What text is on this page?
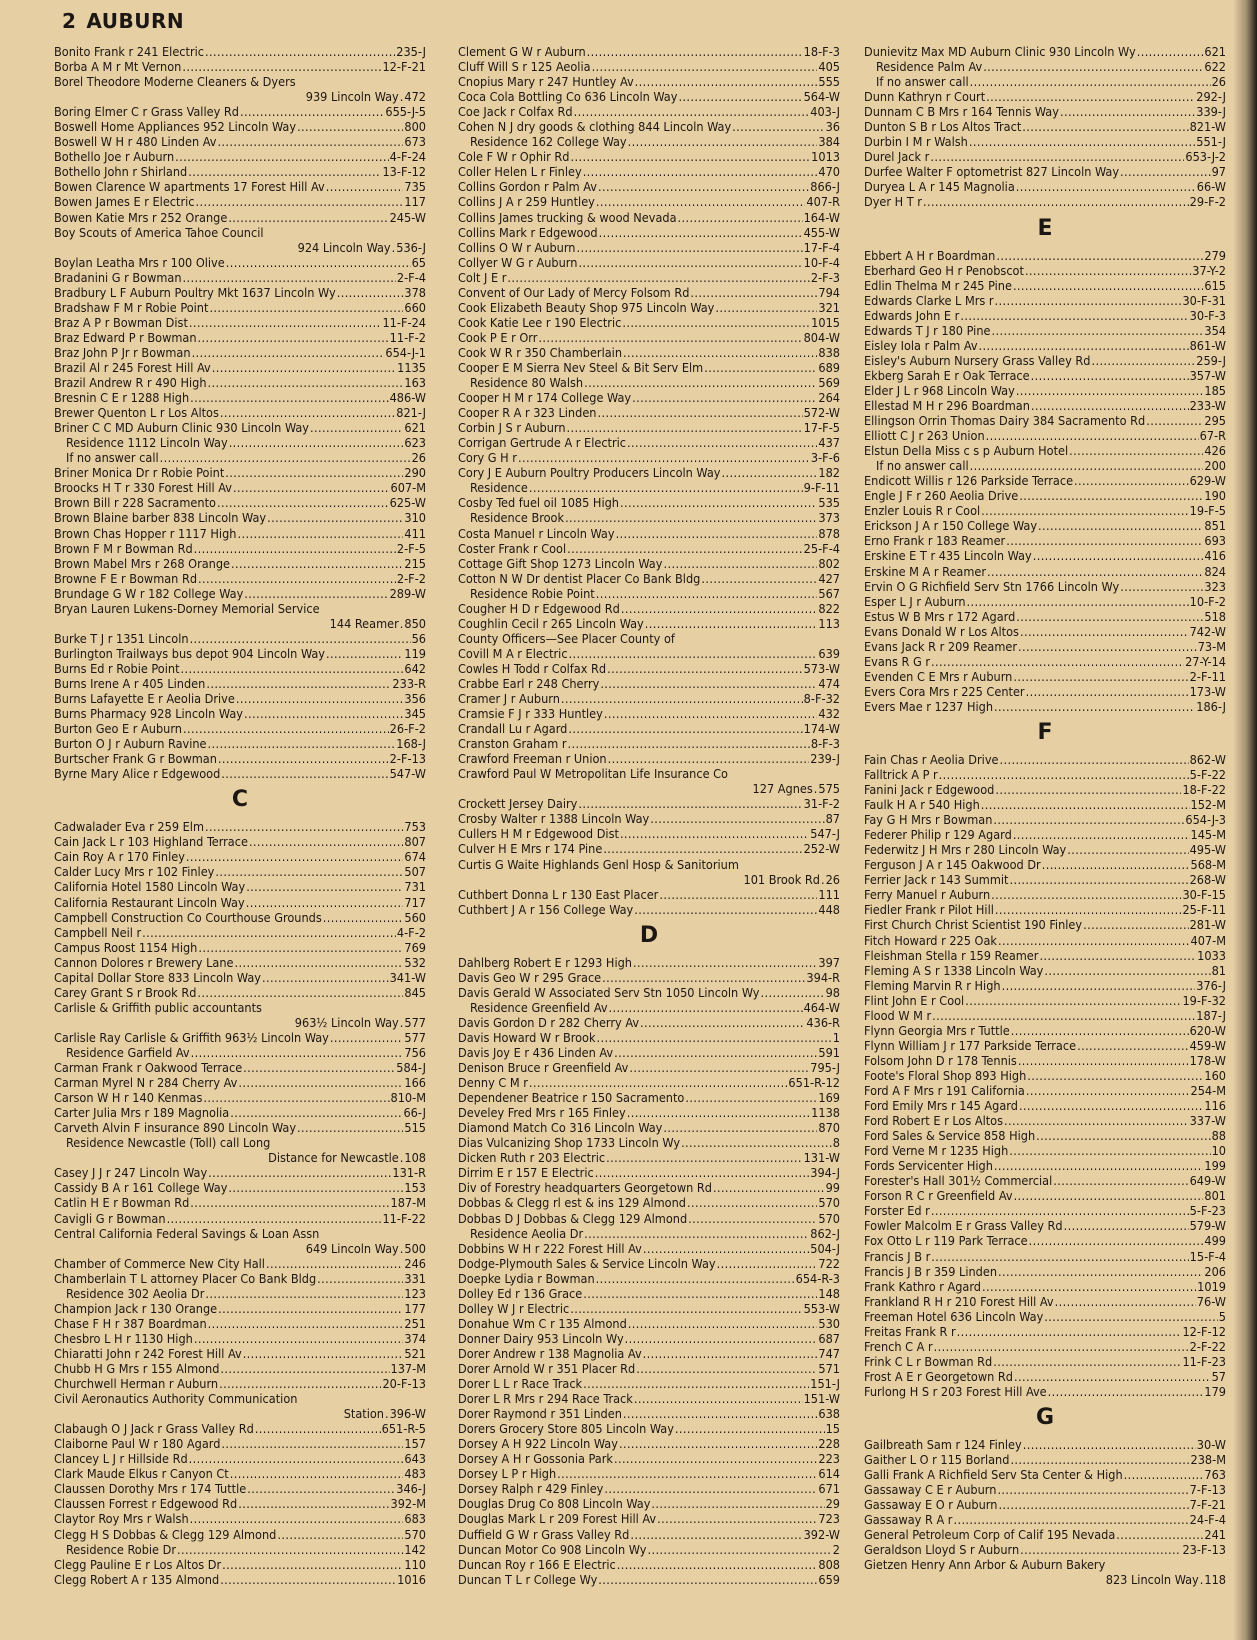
2 AUBURN
Bonito Frank r 241 Electric . . .	235-J
Borba A M r Mt Vernon . . .	12-F-21
Borel Theodore Moderne Cleaners & Dyers
939 Lincoln Way . 472
Boring Elmer C r Grass Valley Rd . . .	655-J-5
Boswell Home Appliances 952 Lincoln Way . . .	800
Boswell W H r 480 Linden Av . . .	673
Bothello Joe r Auburn . . .	4-F-24
Bothello John r Shirland . . .	13-F-12
Bowen Clarence W apartments 17 Forest Hill Av . . .	735
Bowen James E r Electric . . .	117
Bowen Katie Mrs r 252 Orange . . .	245-W
Boy Scouts of America Tahoe Council
924 Lincoln Way . 536-J
Boylan Leatha Mrs r 100 Olive . . .	65
Bradanini G r Bowman . . .	2-F-4
Bradbury L F Auburn Poultry Mkt 1637 Lincoln Wy . . .	378
Bradshaw F M r Robie Point . . .	660
Braz A P r Bowman Dist . . .	11-F-24
Braz Edward P r Bowman . . .	11-F-2
Braz John P Jr r Bowman . . .	654-J-1
Brazil Al r 245 Forest Hill Av . . .	1135
Brazil Andrew R r 490 High . . .	163
Bresnin C E r 1288 High . . .	486-W
Brewer Quenton L r Los Altos . . .	821-J
Briner C C MD Auburn Clinic 930 Lincoln Way . . .	621
Residence 1112 Lincoln Way . . .	623
If no answer call . . .	26
Briner Monica Dr r Robie Point . . .	290
Broocks H T r 330 Forest Hill Av . . .	607-M
Brown Bill r 228 Sacramento . . .	625-W
Brown Blaine barber 838 Lincoln Way . . .	310
Brown Chas Hopper r 1117 High . . .	411
Brown F M r Bowman Rd . . .	2-F-5
Brown Mabel Mrs r 268 Orange . . .	215
Browne F E r Bowman Rd . . .	2-F-2
Brundage G W r 182 College Way . . .	289-W
Bryan Lauren Lukens-Dorney Memorial Service
144 Reamer . 850
Burke T J r 1351 Lincoln . . .	56
Burlington Trailways bus depot 904 Lincoln Way . . .	119
Burns Ed r Robie Point . . .	642
Burns Irene A r 405 Linden . . .	233-R
Burns Lafayette E r Aeolia Drive . . .	356
Burns Pharmacy 928 Lincoln Way . . .	345
Burton Geo E r Auburn . . .	26-F-2
Burton O J r Auburn Ravine . . .	168-J
Burtscher Frank G r Bowman . . .	2-F-13
Byrne Mary Alice r Edgewood . . .	547-W
C
Cadwalader Eva r 259 Elm . . .	753
Cain Jack L r 103 Highland Terrace . . .	807
Cain Roy A r 170 Finley . . .	674
Calder Lucy Mrs r 102 Finley . . .	507
California Hotel 1580 Lincoln Way . . .	731
California Restaurant Lincoln Way . . .	717
Campbell Construction Co Courthouse Grounds . . .	560
Campbell Neil r . . .	4-F-2
Campus Roost 1154 High . . .	769
Cannon Dolores r Brewery Lane . . .	532
Capital Dollar Store 833 Lincoln Way . . .	341-W
Carey Grant S r Brook Rd . . .	845
Carlisle & Griffith public accountants
963½ Lincoln Way . 577
Carlisle Ray Carlisle & Griffith 963½ Lincoln Way . . .	577
Residence Garfield Av . . .	756
Carman Frank r Oakwood Terrace . . .	584-J
Carman Myrel N r 284 Cherry Av . . .	166
Carson W H r 140 Kenmas . . .	810-M
Carter Julia Mrs r 189 Magnolia . . .	66-J
Carveth Alvin F insurance 890 Lincoln Way . . .	515
Residence Newcastle (Toll) call Long
Distance for Newcastle . 108
Casey J J r 247 Lincoln Way . . .	131-R
Cassidy B A r 161 College Way . . .	153
Catlin H E r Bowman Rd . . .	187-M
Cavigli G r Bowman . . .	11-F-22
Central California Federal Savings & Loan Assn
649 Lincoln Way . 500
Chamber of Commerce New City Hall . . .	246
Chamberlain T L attorney Placer Co Bank Bldg . . .	331
Residence 302 Aeolia Dr . . .	123
Champion Jack r 130 Orange . . .	177
Chase F H r 387 Boardman . . .	251
Chesbro L H r 1130 High . . .	374
Chiaratti John r 242 Forest Hill Av . . .	521
Chubb H G Mrs r 155 Almond . . .	137-M
Churchwell Herman r Auburn . . .	20-F-13
Civil Aeronautics Authority Communication
Station . 396-W
Clabaugh O J Jack r Grass Valley Rd . . .	651-R-5
Claiborne Paul W r 180 Agard . . .	157
Clancey L J r Hillside Rd . . .	643
Clark Maude Elkus r Canyon Ct . . .	483
Claussen Dorothy Mrs r 174 Tuttle . . .	346-J
Claussen Forrest r Edgewood Rd . . .	392-M
Claytor Roy Mrs r Walsh . . .	683
Clegg H S Dobbas & Clegg 129 Almond . . .	570
Residence Robie Dr . . .	142
Clegg Pauline E r Los Altos Dr . . .	110
Clegg Robert A r 135 Almond . . .	1016
Clement G W r Auburn . . .	18-F-3
Cluff Will S r 125 Aeolia . . .	405
Cnopius Mary r 247 Huntley Av . . .	555
Coca Cola Bottling Co 636 Lincoln Way . . .	564-W
Coe Jack r Colfax Rd . . .	403-J
Cohen N J dry goods & clothing 844 Lincoln Way . . .	36
Residence 162 College Way . . .	384
Cole F W r Ophir Rd . . .	1013
Coller Helen L r Finley . . .	470
Collins Gordon r Palm Av . . .	866-J
Collins J A r 259 Huntley . . .	407-R
Collins James trucking & wood Nevada . . .	164-W
Collins Mark r Edgewood . . .	455-W
Collins O W r Auburn . . .	17-F-4
Collyer W G r Auburn . . .	10-F-4
Colt J E r . . .	2-F-3
Convent of Our Lady of Mercy Folsom Rd . . .	794
Cook Elizabeth Beauty Shop 975 Lincoln Way . . .	321
Cook Katie Lee r 190 Electric . . .	1015
Cook P E r Orr . . .	804-W
Cook W R r 350 Chamberlain . . .	838
Cooper E M Sierra Nev Steel & Bit Serv Elm . . .	689
Residence 80 Walsh . . .	569
Cooper H M r 174 College Way . . .	264
Cooper R A r 323 Linden . . .	572-W
Corbin J S r Auburn . . .	17-F-5
Corrigan Gertrude A r Electric . . .	437
Cory G H r . . .	3-F-6
Cory J E Auburn Poultry Producers Lincoln Way . . .	182
Residence . . .	9-F-11
Cosby Ted fuel oil 1085 High . . .	535
Residence Brook . . .	373
Costa Manuel r Lincoln Way . . .	878
Coster Frank r Cool . . .	25-F-4
Cottage Gift Shop 1273 Lincoln Way . . .	802
Cotton N W Dr dentist Placer Co Bank Bldg . . .	427
Residence Robie Point . . .	567
Cougher H D r Edgewood Rd . . .	822
Coughlin Cecil r 265 Lincoln Way . . .	113
County Officers—See Placer County of
Covill M A r Electric . . .	639
Cowles H Todd r Colfax Rd . . .	573-W
Crabbe Earl r 248 Cherry . . .	474
Cramer J r Auburn . . .	8-F-32
Cramsie F J r 333 Huntley . . .	432
Crandall Lu r Agard . . .	174-W
Cranston Graham r . . .	8-F-3
Crawford Freeman r Union . . .	239-J
Crawford Paul W Metropolitan Life Insurance Co
127 Agnes . 575
Crockett Jersey Dairy . . .	31-F-2
Crosby Walter r 1388 Lincoln Way . . .	87
Cullers H M r Edgewood Dist . . .	547-J
Culver H E Mrs r 174 Pine . . .	252-W
Curtis G Waite Highlands Genl Hosp & Sanitorium
101 Brook Rd . 26
Cuthbert Donna L r 130 East Placer . . .	111
Cuthbert J A r 156 College Way . . .	448
D
Dahlberg Robert E r 1293 High . . .	397
Davis Geo W r 295 Grace . . .	394-R
Davis Gerald W Associated Serv Stn 1050 Lincoln Wy . . .	98
Residence Greenfield Av . . .	464-W
Davis Gordon D r 282 Cherry Av . . .	436-R
Davis Howard W r Brook . . .	1
Davis Joy E r 436 Linden Av . . .	591
Denison Bruce r Greenfield Av . . .	795-J
Denny C M r . . .	651-R-12
Dependener Beatrice r 150 Sacramento . . .	169
Develey Fred Mrs r 165 Finley . . .	1138
Diamond Match Co 316 Lincoln Way . . .	870
Dias Vulcanizing Shop 1733 Lincoln Wy . . .	8
Dicken Ruth r 203 Electric . . .	131-W
Dirrim E r 157 E Electric . . .	394-J
Div of Forestry headquarters Georgetown Rd . . .	99
Dobbas & Clegg rl est & ins 129 Almond . . .	570
Dobbas D J Dobbas & Clegg 129 Almond . . .	570
Residence Aeolia Dr . . .	862-J
Dobbins W H r 222 Forest Hill Av . . .	504-J
Dodge-Plymouth Sales & Service Lincoln Way . . .	722
Doepke Lydia r Bowman . . .	654-R-3
Dolley Ed r 136 Grace . . .	148
Dolley W J r Electric . . .	553-W
Donahue Wm C r 135 Almond . . .	530
Donner Dairy 953 Lincoln Wy . . .	687
Dorer Andrew r 138 Magnolia Av . . .	747
Dorer Arnold W r 351 Placer Rd . . .	571
Dorer L L r Race Track . . .	151-J
Dorer L R Mrs r 294 Race Track . . .	151-W
Dorer Raymond r 351 Linden . . .	638
Dorers Grocery Store 805 Lincoln Way . . .	15
Dorsey A H 922 Lincoln Way . . .	228
Dorsey A H r Gossonia Park . . .	223
Dorsey L P r High . . .	614
Dorsey Ralph r 429 Finley . . .	671
Douglas Drug Co 808 Lincoln Way . . .	29
Douglas Mark L r 209 Forest Hill Av . . .	723
Duffield G W r Grass Valley Rd . . .	392-W
Duncan Motor Co 908 Lincoln Wy . . .	2
Duncan Roy r 166 E Electric . . .	808
Duncan T L r College Wy . . .	659
Dunievitz Max MD Auburn Clinic 930 Lincoln Wy . . .	621
Residence Palm Av . . .	622
If no answer call . . .	26
Dunn Kathryn r Court . . .	292-J
Dunnam C B Mrs r 164 Tennis Way . . .	339-J
Dunton S B r Los Altos Tract . . .	821-W
Durbin I M r Walsh . . .	551-J
Durel Jack r . . .	653-J-2
Durfee Walter F optometrist 827 Lincoln Way . . .	97
Duryea L A r 145 Magnolia . . .	66-W
Dyer H T r . . .	29-F-2
E
Ebbert A H r Boardman . . .	279
Eberhard Geo H r Penobscot . . .	37-Y-2
Edlin Thelma M r 245 Pine . . .	615
Edwards Clarke L Mrs r . . .	30-F-31
Edwards John E r . . .	30-F-3
Edwards T J r 180 Pine . . .	354
Eisley Iola r Palm Av . . .	861-W
Eisley's Auburn Nursery Grass Valley Rd . . .	259-J
Ekberg Sarah E r Oak Terrace . . .	357-W
Elder J L r 968 Lincoln Way . . .	185
Ellestad M H r 296 Boardman . . .	233-W
Ellingson Orrin Thomas Dairy 384 Sacramento Rd . . .	295
Elliott C J r 263 Union . . .	67-R
Elstun Della Miss c s p Auburn Hotel . . .	426
If no answer call . . .	200
Endicott Willis r 126 Parkside Terrace . . .	629-W
Engle J F r 260 Aeolia Drive . . .	190
Enzler Louis R r Cool . . .	19-F-5
Erickson J A r 150 College Way . . .	851
Erno Frank r 183 Reamer . . .	693
Erskine E T r 435 Lincoln Way . . .	416
Erskine M A r Reamer . . .	824
Ervin O G Richfield Serv Stn 1766 Lincoln Wy . . .	323
Esper L J r Auburn . . .	10-F-2
Estus W B Mrs r 172 Agard . . .	518
Evans Donald W r Los Altos . . .	742-W
Evans Jack R r 209 Reamer . . .	73-M
Evans R G r . . .	27-Y-14
Evenden C E Mrs r Auburn . . .	2-F-11
Evers Cora Mrs r 225 Center . . .	173-W
Evers Mae r 1237 High . . .	186-J
F
Fain Chas r Aeolia Drive . . .	862-W
Falltrick A P r . . .	5-F-22
Fanini Jack r Edgewood . . .	18-F-22
Faulk H A r 540 High . . .	152-M
Fay G H Mrs r Bowman . . .	654-J-3
Federer Philip r 129 Agard . . .	145-M
Federwitz J H Mrs r 280 Lincoln Way . . .	495-W
Ferguson J A r 145 Oakwood Dr . . .	568-M
Ferrier Jack r 143 Summit . . .	268-W
Ferry Manuel r Auburn . . .	30-F-15
Fiedler Frank r Pilot Hill . . .	25-F-11
First Church Christ Scientist 190 Finley . . .	281-W
Fitch Howard r 225 Oak . . .	407-M
Fleishman Stella r 159 Reamer . . .	1033
Fleming A S r 1338 Lincoln Way . . .	81
Fleming Marvin R r High . . .	376-J
Flint John E r Cool . . .	19-F-32
Flood W M r . . .	187-J
Flynn Georgia Mrs r Tuttle . . .	620-W
Flynn William J r 177 Parkside Terrace . . .	459-W
Folsom John D r 178 Tennis . . .	178-W
Foote's Floral Shop 893 High . . .	160
Ford A F Mrs r 191 California . . .	254-M
Ford Emily Mrs r 145 Agard . . .	116
Ford Robert E r Los Altos . . .	337-W
Ford Sales & Service 858 High . . .	88
Ford Verne M r 1235 High . . .	10
Fords Servicenter High . . .	199
Forester's Hall 301½ Commercial . . .	649-W
Forson R C r Greenfield Av . . .	801
Forster Ed r . . .	5-F-23
Fowler Malcolm E r Grass Valley Rd . . .	579-W
Fox Otto L r 119 Park Terrace . . .	499
Francis J B r . . .	15-F-4
Francis J B r 359 Linden . . .	206
Frank Kathro r Agard . . .	1019
Frankland R H r 210 Forest Hill Av . . .	76-W
Freeman Hotel 636 Lincoln Way . . .	5
Freitas Frank R r . . .	12-F-12
French C A r . . .	2-F-22
Frink C L r Bowman Rd . . .	11-F-23
Frost A E r Georgetown Rd . . .	57
Furlong H S r 203 Forest Hill Ave . . .	179
G
Gailbreath Sam r 124 Finley . . .	30-W
Gaither L O r 115 Borland . . .	238-M
Galli Frank A Richfield Serv Sta Center & High . . .	763
Gassaway C E r Auburn . . .	7-F-13
Gassaway E O r Auburn . . .	7-F-21
Gassaway R A r . . .	24-F-4
General Petroleum Corp of Calif 195 Nevada . . .	241
Geraldson Lloyd S r Auburn . . .	23-F-13
Gietzen Henry Ann Arbor & Auburn Bakery
823 Lincoln Way . 118
